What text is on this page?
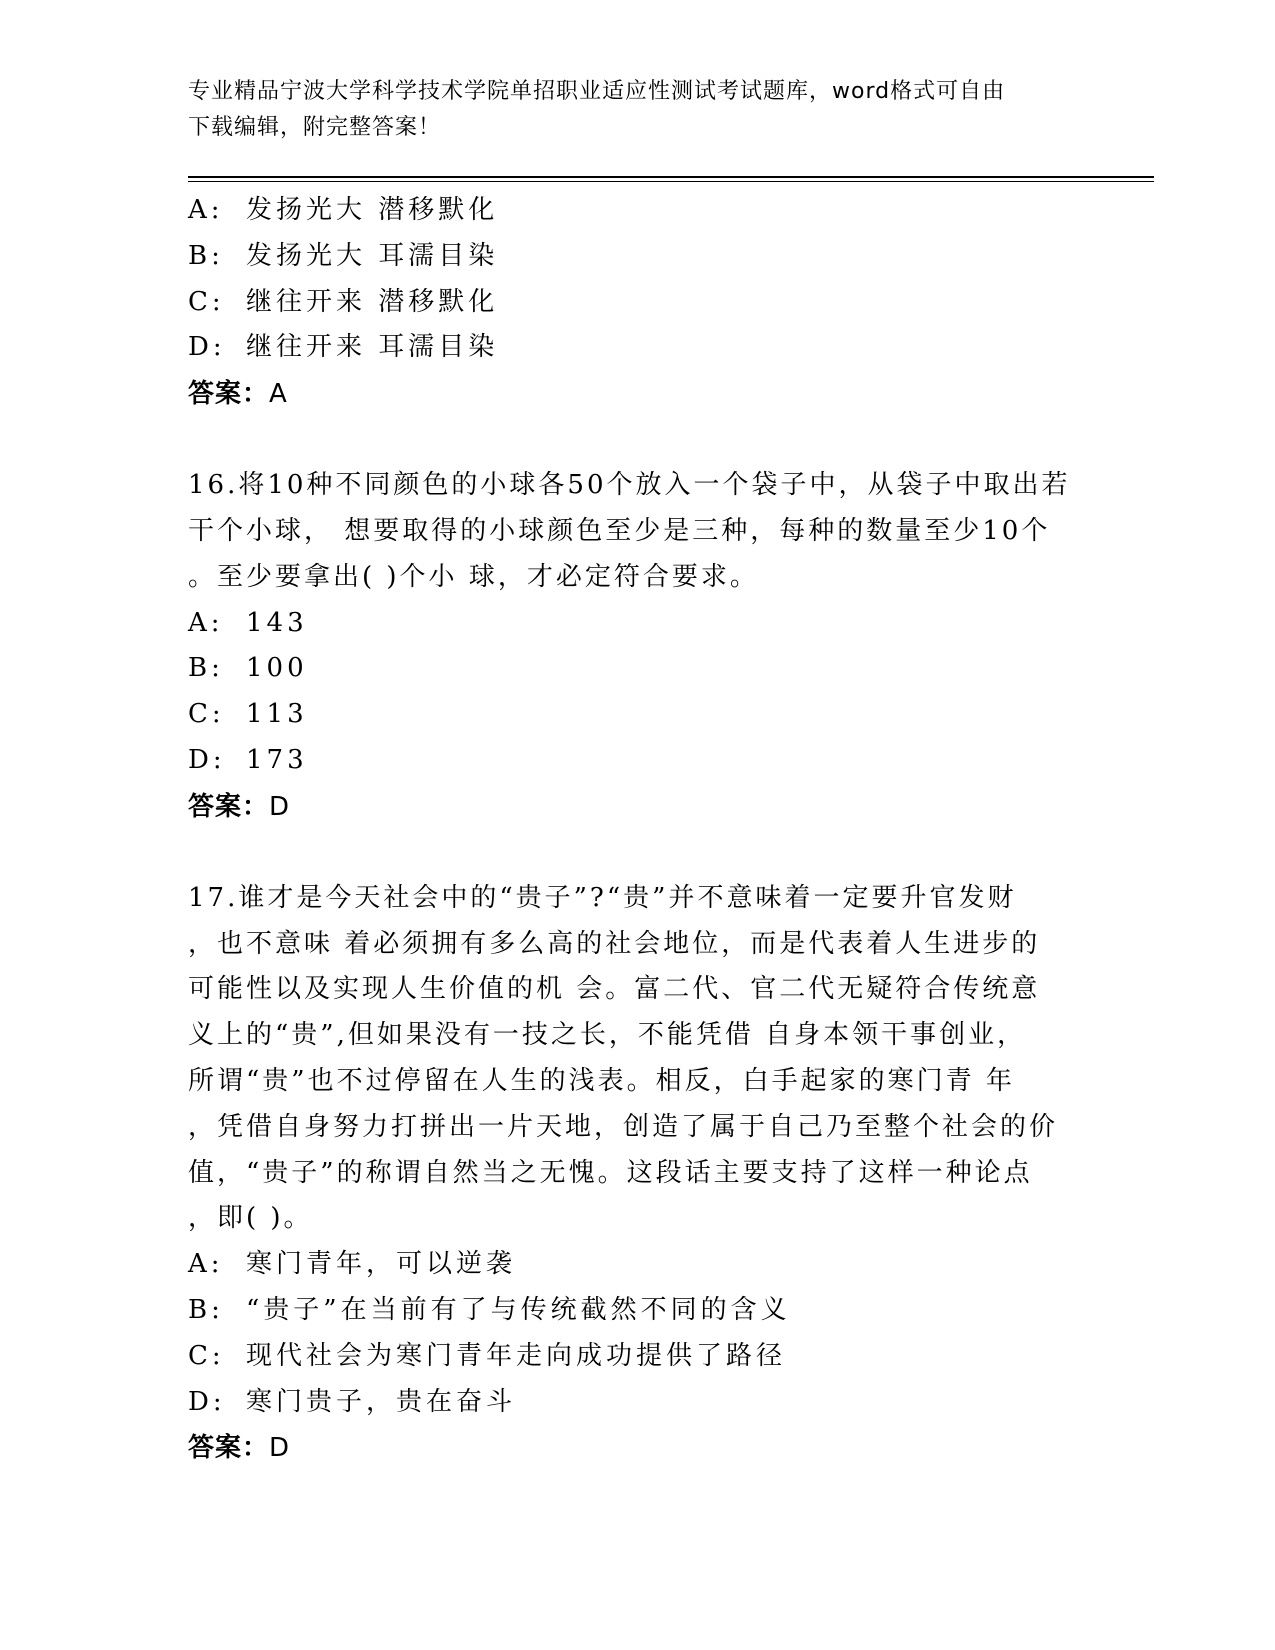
专业精品宁波大学科学技术学院单招职业适应性测试考试题库，word格式可自由
下载编辑，附完整答案！
A: 发扬光大 潜移默化
B: 发扬光大 耳濡目染
C: 继往开来 潜移默化
D: 继往开来 耳濡目染
答案：A
16.将10种不同颜色的小球各50个放入一个袋子中，从袋子中取出若
干个小球， 想要取得的小球颜色至少是三种，每种的数量至少10个
。至少要拿出( )个小 球，才必定符合要求。
A: 143
B: 100
C: 113
D: 173
答案：D
17.谁才是今天社会中的“贵子”?“贵”并不意味着一定要升官发财
，也不意味 着必须拥有多么高的社会地位，而是代表着人生进步的
可能性以及实现人生价值的机 会。富二代、官二代无疑符合传统意
义上的“贵”,但如果没有一技之长，不能凭借 自身本领干事创业，
所谓“贵”也不过停留在人生的浅表。相反，白手起家的寒门青 年
，凭借自身努力打拼出一片天地，创造了属于自己乃至整个社会的价
值，“贵子”的称谓自然当之无愧。这段话主要支持了这样一种论点
，即( )。
A: 寒门青年，可以逆袭
B: “贵子”在当前有了与传统截然不同的含义
C: 现代社会为寒门青年走向成功提供了路径
D: 寒门贵子，贵在奋斗
答案：D
